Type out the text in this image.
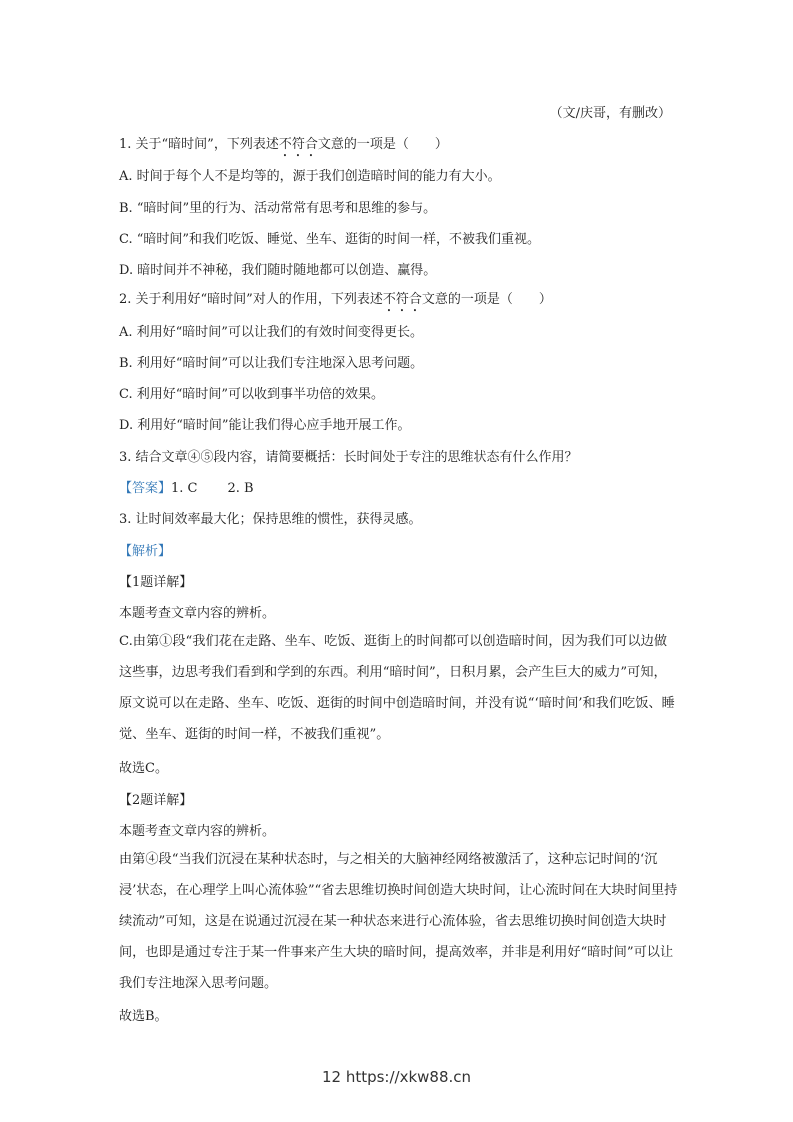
（文/庆哥，有删改）
1. 关于“暗时间”，下列表述不符合文意的一项是（　　）
A. 时间于每个人不是均等的，源于我们创造暗时间的能力有大小。
B. “暗时间”里的行为、活动常常有思考和思维的参与。
C. “暗时间”和我们吃饭、睡觉、坐车、逛街的时间一样，不被我们重视。
D. 暗时间并不神秘，我们随时随地都可以创造、赢得。
2. 关于利用好“暗时间”对人的作用，下列表述不符合文意的一项是（　　）
A. 利用好“暗时间”可以让我们的有效时间变得更长。
B. 利用好“暗时间”可以让我们专注地深入思考问题。
C. 利用好“暗时间”可以收到事半功倍的效果。
D. 利用好“暗时间”能让我们得心应手地开展工作。
3. 结合文章④⑤段内容，请简要概括：长时间处于专注的思维状态有什么作用？
【答案】1. C 2. B
3. 让时间效率最大化；保持思维的惯性，获得灵感。
【解析】
【1题详解】
本题考查文章内容的辨析。
C.由第①段“我们花在走路、坐车、吃饭、逛街上的时间都可以创造暗时间，因为我们可以边做这些事，边思考我们看到和学到的东西。利用“暗时间”，日积月累，会产生巨大的威力”可知，原文说可以在走路、坐车、吃饭、逛街的时间中创造暗时间，并没有说“‘暗时间’和我们吃饭、睡觉、坐车、逛街的时间一样，不被我们重视”。
故选C。
【2题详解】
本题考查文章内容的辨析。
由第④段“当我们沉浸在某种状态时，与之相关的大脑神经网络被激活了，这种忘记时间的‘沉浸’状态，在心理学上叫心流体验”“省去思维切换时间创造大块时间，让心流时间在大块时间里持续流动”可知，这是在说通过沉浸在某一种状态来进行心流体验，省去思维切换时间创造大块时间，也即是通过专注于某一件事来产生大块的暗时间，提高效率，并非是利用好“暗时间”可以让我们专注地深入思考问题。
故选B。
12 https://xkw88.cn
